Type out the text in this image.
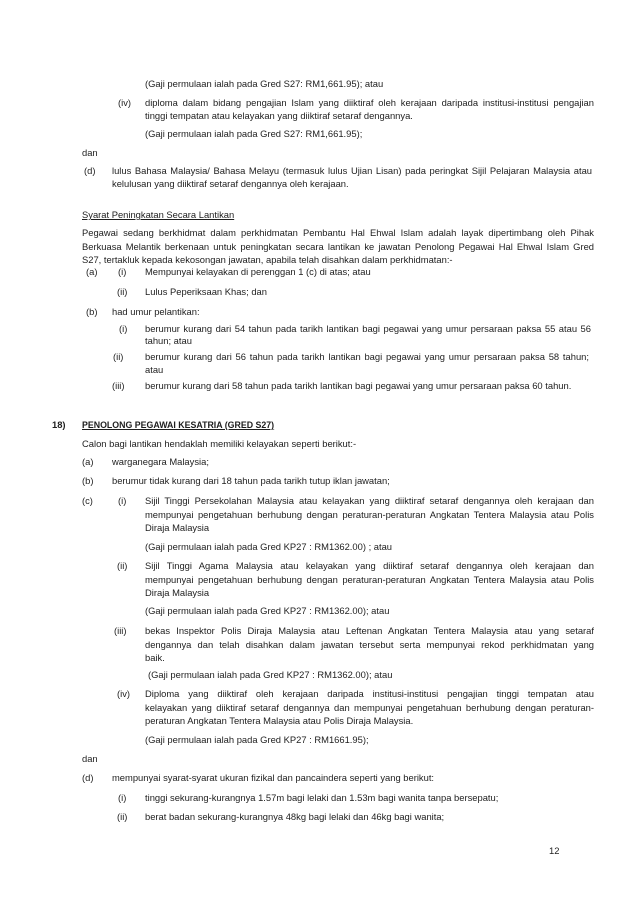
(Gaji permulaan ialah pada Gred S27: RM1,661.95); atau
(iv) diploma dalam bidang pengajian Islam yang diiktiraf oleh kerajaan daripada institusi-institusi pengajian
tinggi tempatan atau kelayakan yang diiktiraf setaraf dengannya.
(Gaji permulaan ialah pada Gred S27: RM1,661.95);
dan
(d) lulus Bahasa Malaysia/ Bahasa Melayu (termasuk lulus Ujian Lisan) pada peringkat Sijil Pelajaran Malaysia atau
kelulusan yang diiktiraf setaraf dengannya oleh kerajaan.
Syarat Peningkatan Secara Lantikan
Pegawai sedang berkhidmat dalam perkhidmatan Pembantu Hal Ehwal Islam adalah layak dipertimbang oleh Pihak
Berkuasa Melantik berkenaan untuk peningkatan secara lantikan ke jawatan Penolong Pegawai Hal Ehwal Islam Gred
S27, tertakluk kepada kekosongan jawatan, apabila telah disahkan dalam perkhidmatan:-
(a) (i) Mempunyai kelayakan di perenggan 1 (c) di atas; atau
(ii) Lulus Peperiksaan Khas; dan
(b) had umur pelantikan:
(i) berumur kurang dari 54 tahun pada tarikh lantikan bagi pegawai yang umur persaraan paksa 55 atau 56
tahun; atau
(ii) berumur kurang dari 56 tahun pada tarikh lantikan bagi pegawai yang umur persaraan paksa 58 tahun;
atau
(iii) berumur kurang dari 58 tahun pada tarikh lantikan bagi pegawai yang umur persaraan paksa 60 tahun.
18) PENOLONG PEGAWAI KESATRIA (GRED S27)
Calon bagi lantikan hendaklah memiliki kelayakan seperti berikut:-
(a) warganegara Malaysia;
(b) berumur tidak kurang dari 18 tahun pada tarikh tutup iklan jawatan;
(c)	(i) Sijil Tinggi Persekolahan Malaysia atau kelayakan yang diiktiraf setaraf dengannya oleh kerajaan dan
mempunyai pengetahuan berhubung dengan peraturan-peraturan Angkatan Tentera Malaysia atau Polis
Diraja Malaysia
(Gaji permulaan ialah pada Gred KP27 : RM1362.00) ; atau
(ii) Sijil Tinggi Agama Malaysia atau kelayakan yang diiktiraf setaraf dengannya oleh kerajaan dan
mempunyai pengetahuan berhubung dengan peraturan-peraturan Angkatan Tentera Malaysia atau Polis
Diraja Malaysia
(Gaji permulaan ialah pada Gred KP27 : RM1362.00); atau
(iii) bekas Inspektor Polis Diraja Malaysia atau Leftenan Angkatan Tentera Malaysia atau yang setaraf
dengannya dan telah disahkan dalam jawatan tersebut serta mempunyai rekod perkhidmatan yang
baik.
(Gaji permulaan ialah pada Gred KP27 : RM1362.00); atau
(iv) Diploma yang diiktiraf oleh kerajaan daripada institusi-institusi pengajian tinggi tempatan atau
kelayakan yang diiktiraf setaraf dengannya dan mempunyai pengetahuan berhubung dengan peraturan-
peraturan Angkatan Tentera Malaysia atau Polis Diraja Malaysia.
(Gaji permulaan ialah pada Gred KP27 : RM1661.95);
dan
(d) mempunyai syarat-syarat ukuran fizikal dan pancaindera seperti yang berikut:
(i) tinggi sekurang-kurangnya 1.57m bagi lelaki dan 1.53m bagi wanita tanpa bersepatu;
(ii) berat badan sekurang-kurangnya 48kg bagi lelaki dan 46kg bagi wanita;
12
